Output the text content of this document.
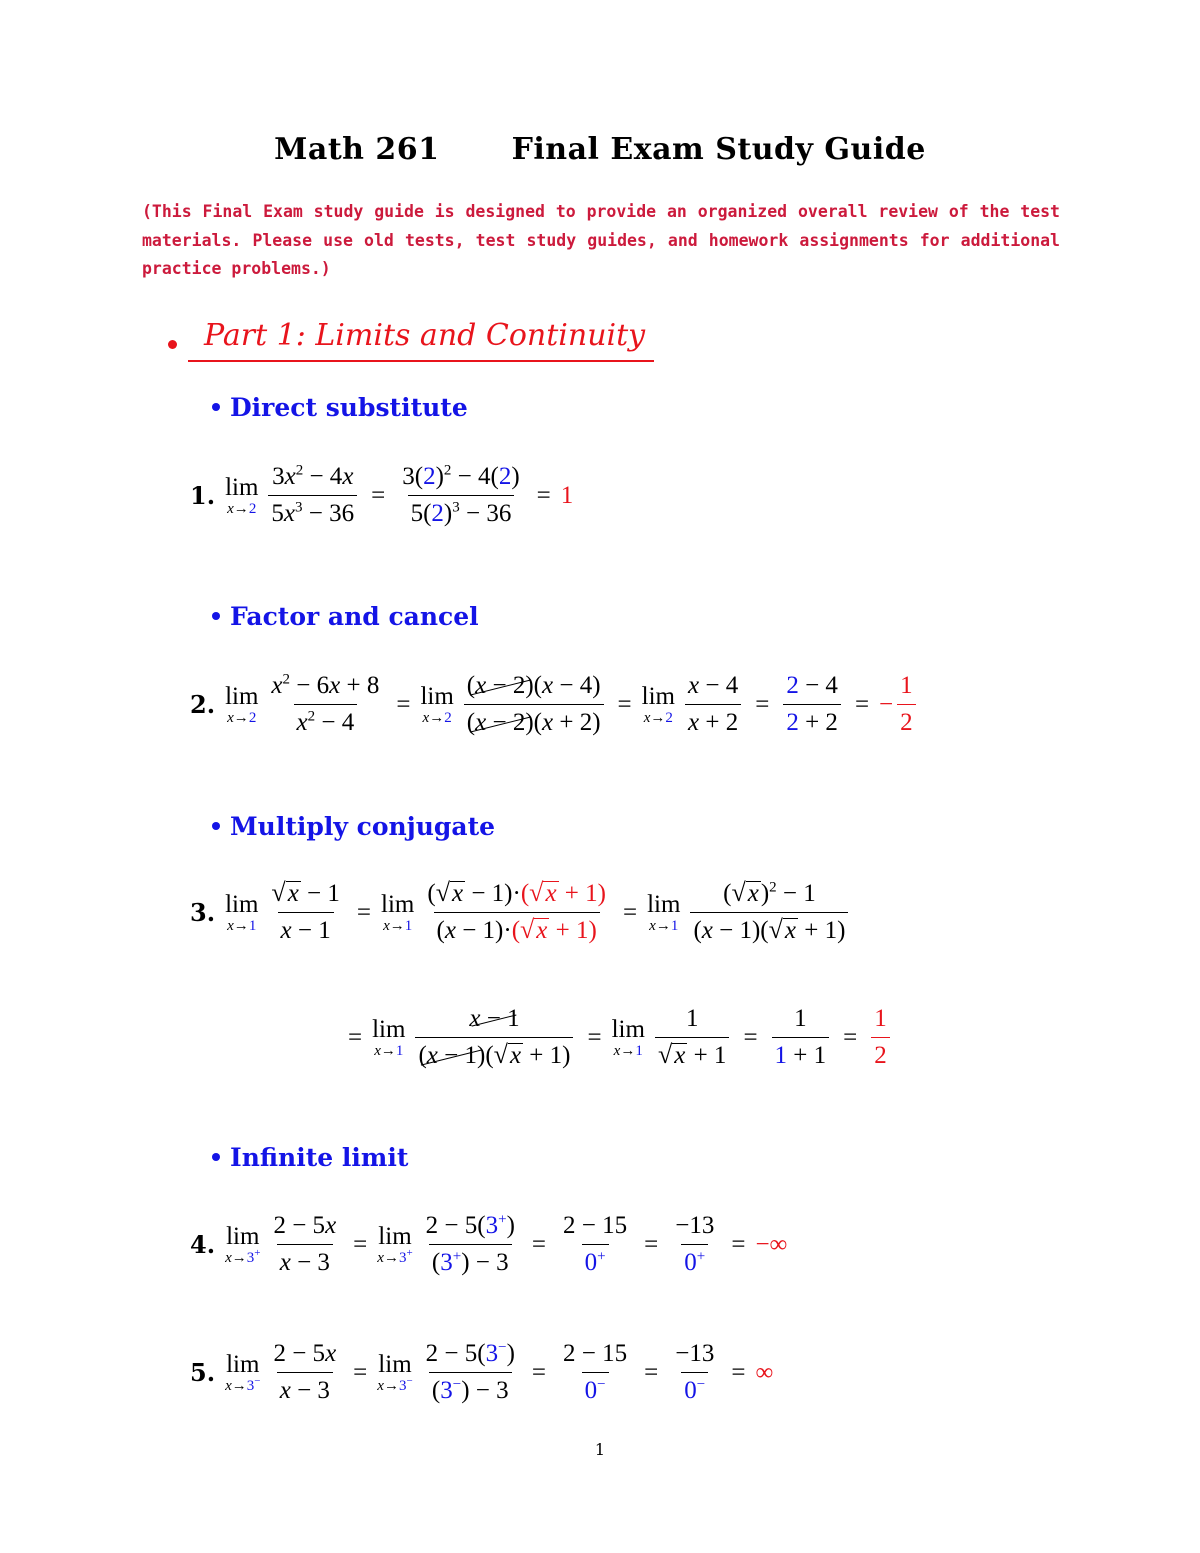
Math 261 Final Exam Study Guide
(This Final Exam study guide is designed to provide an organized overall review of the test materials. Please use old tests, test study guides, and homework assignments for additional practice problems.)
Part 1: Limits and Continuity
Direct substitute
1. lim
$x\to 2 \frac{3x^2 - 4x}{5x^3 - 36} = \frac{3(2)^2 - 4(2)}{5(2)^3 - 36} = 1$
Factor and cancel
2. lim
$x\to 2 \frac{x^2 - 6x + 8}{x^2 - 4} = \lim$
$x\to 2 \frac{(x - 2)(x - 4)}{(x - 2)(x + 2)} = \lim$
$x\to 2 \frac{x - 4}{x + 2} = \frac{2 - 4}{2 + 2}$ = − $\frac{1}{2}$
Multiply conjugate
3. lim
$x\to 1 \frac{√ x - 1}{x - 1} = \lim$
$x\to 1 \frac{( √ x - 1)\cdot( √ x + 1)}{(x - 1)\cdot( √ x + 1)} = \lim$
$x\to 1 \frac{( √ x )^2 - 1}{(x - 1)( √ x + 1)}$
= lim
$x\to 1 \frac{x - 1}{(x - 1)( √ x + 1)} = \lim$
$x\to 1 \frac{1}{√ x + 1} = \frac{1}{1 + 1} = \frac{1}{2}$
Infinite limit
4. lim
$x\to 3^+ \frac{2 - 5x}{x - 3} = \lim$
$x\to 3^+ \frac{2 - 5(3^+)}{(3^+) - 3} = \frac{2 - 15}{0^+} = \frac{-13}{0^+}$ = −∞
5. lim
$x\to 3^- \frac{2 - 5x}{x - 3} = \lim$
$x\to 3^- \frac{2 - 5(3^-)}{(3^-) - 3} = \frac{2 - 15}{0^-} = \frac{-13}{0^-}$ = ∞
1
